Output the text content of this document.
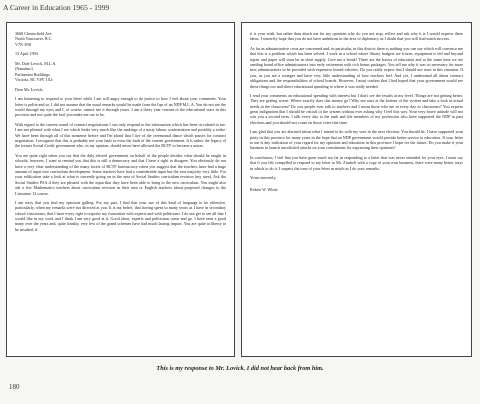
A Career in Education 1965 - 1999
3668 Chesterfield Ave
North Vancouver, B.C.
V7N 3N8
13 April 1994
Mr. Dale Lovick, M.L.A.
(Nanaimo)
Parliament Buildings
Victoria, BC V8V 1X4
Dear Mr. Lovick:
I am hastening to respond to your letter while I am still angry enough to do justice to how I feel about your comments. Your letter is polite and so, I did not assume that the usual remarks would be made from the lips of an NDP M.L.A. You do not see the world through my eyes and I, of course, cannot see it through yours. I am a thirty year veteran of the educational wars in this province and not quite the fool you make me out to be.
With regard to the current round of contract negotiations I can only respond to the information which has been circulated to me. I am not pleased with what I see which looks very much like the makings of a nasty labour confrontation and possibly a strike. We have been through all of this nonsense before and I'm afraid that I tire of the ceremonial dance which passes for contract negotiation. I recognize that this is probably not your fault or even the fault of the current government. It is rather the legacy of the former Social Credit government who, in my opinion, should never have allowed the BCTF to become a union.
You are quite right when you say that the duly elected government on behalf of the people decides what should be taught in schools; however, I want to remind you that this is still a democracy and that I have a right to disagree. You obviously do not have a very clear understanding of the many facets of BCTF bureaucracy when you suggest that the teachers have had a huge amount of input into curriculum development. Some teachers have had a considerable input but the vast majority very little. For your edification take a look at what is currently going on in the area of Social Studies curriculum revision (my area). Ask the Social Studies PSA if they are pleased with the input that they have been able to bring to the new curriculum. You might also ask a few Mathematics teachers about curriculum revision in their area or English teachers about proposed changes to the Literature 12 course.
I am sorry that you find my opinions galling. For my part, I find that your use of this kind of language to be offensive, particularly, when my remarks were not directed at you. It is my belief, that having spent so many years as I have in secondary school classrooms, that I have every right to express my frustration with experts and with politicians. I do not get to see all that I would like in my work and I think I am very good at it. Good ideas, experts and politicians come and go. I have seen a good many over the years and, quite frankly, very few of the grand schemes have had much lasting impact. You are quite at liberty to be insulted, if
it is your wish, but rather than attack me for my opinions why do you not stop, reflect and ask why it is I would express these ideas. I sincerely hope that you do not have ambitions in the area of diplomacy as I doubt that you will find much success.
As far as administrative costs are concerned and, in particular, in this district there is nothing you can say which will convince me that this is a problem which has been solved. I work in a school where library budgets are frozen, equipment is old and beyond repair and paper will soon be in short supply. Give me a break! These are the basics of education and at the same time we are sending board office administrators into early retirement with rich bonus packages. You tell me why it was so necessary for more new administrators to be provided with expensive leased vehicles. Do you really expect that I should not react to this situation. If you, as you are a stranger and have very little understanding of how teachers feel. And yet, I understand all about contract obligations and the responsibilities of school boards. However, I must confess that I had hoped that your government would see these things too and direct educational spending to where it was really needed.
I read your comments on educational spending with interest but I don't see the results at my level. Things are not getting better. They are getting worse. Where exactly does this money go? Why not start at the bottom of the system and take a look at actual needs in the classroom? Do you people ever talk to teachers and I mean those who are in every day in classrooms? You express great indignation that I should be critical of the system without ever asking why I feel this way. Your very brave attitude will not win you a second term. I talk every day to the rank and file members of my profession who have supported the NDP in past elections and you should not count on those votes this time.
I am glad that you are alarmed about what I intend to do with my vote in the next election. You should be. I have supported your party in this province for many years in the hope that an NDP government would provide better service to education. If your letter to me is any indication of your regard for my opinions and education in this province I hope for the future. Do you make it your business to launch unsolicited attacks on your constituents for expressing their opinions?
In conclusion, I feel that you have gone much too far in responding to a letter that was never intended for your eyes. I must say that if you felt compelled to respond to my letter to Mr. Zirnhelt with a copy of your own business, there were many better ways in which to do it. I suspect the tone of your letter as much as I do your remarks.
Yours sincerely,
Robert W. White
This is my response to Mr. Lovick. I did not hear back from him.
180
